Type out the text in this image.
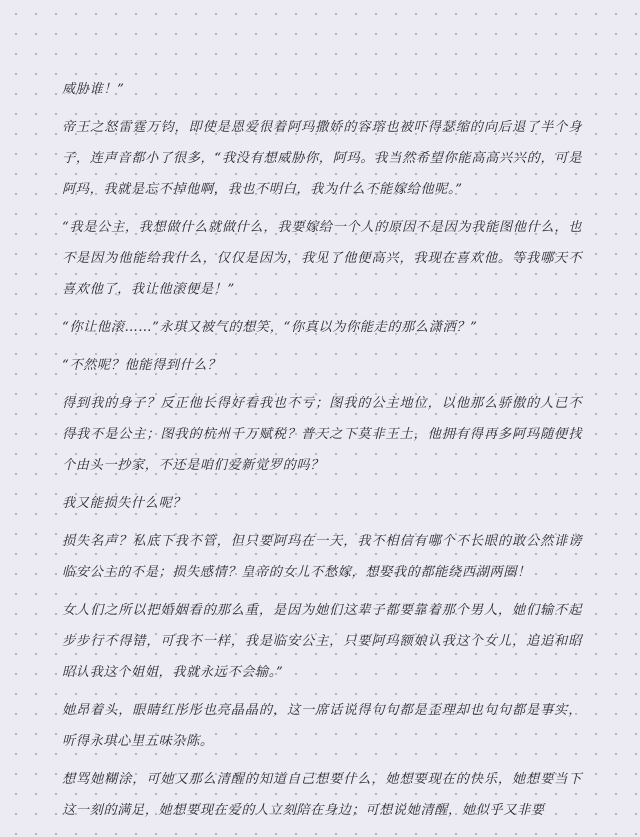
威胁谁！”

帝王之怒雷霆万钧，即使是恩爱很着阿玛撒娇的容瑢也被吓得瑟缩的向后退了半个身子，连声音都小了很多，“我没有想威胁你，阿玛。我当然希望你能高高兴兴的，可是阿玛，我就是忘不掉他啊，我也不明白，我为什么不能嫁给他呢。”

“我是公主，我想做什么就做什么，我要嫁给一个人的原因不是因为我能图他什么，也不是因为他能给我什么，仅仅是因为，我见了他便高兴，我现在喜欢他。等我哪天不喜欢他了，我让他滚便是！”

“你让他滚……”永琪又被气的想笑，“你真以为你能走的那么潇洒？”

“不然呢？他能得到什么？

得到我的身子？反正他长得好看我也不亏；图我的公主地位，以他那么骄傲的人已不得我不是公主；图我的杭州千万赋税？普天之下莫非王土，他拥有得再多阿玛随便找个由头一抄家，不还是咱们爱新觉罗的吗？

我又能损失什么呢？

损失名声？私底下我不管，但只要阿玛在一天，我不相信有哪个不长眼的敢公然诽谤临安公主的不是；损失感情？皇帝的女儿不愁嫁，想娶我的都能绕西湖两圈！

女人们之所以把婚姻看的那么重，是因为她们这辈子都要靠着那个男人，她们输不起步步行不得错，可我不一样，我是临安公主，只要阿玛额娘认我这个女儿，追追和昭昭认我这个姐姐，我就永远不会输。”

她昂着头，眼睛红彤彤也亮晶晶的，这一席话说得句句都是歪理却也句句都是事实，听得永琪心里五味杂陈。

想骂她糊涂，可她又那么清醒的知道自己想要什么，她想要现在的快乐，她想要当下这一刻的满足，她想要现在爱的人立刻陪在身边；可想说她清醒，她似乎又非要
